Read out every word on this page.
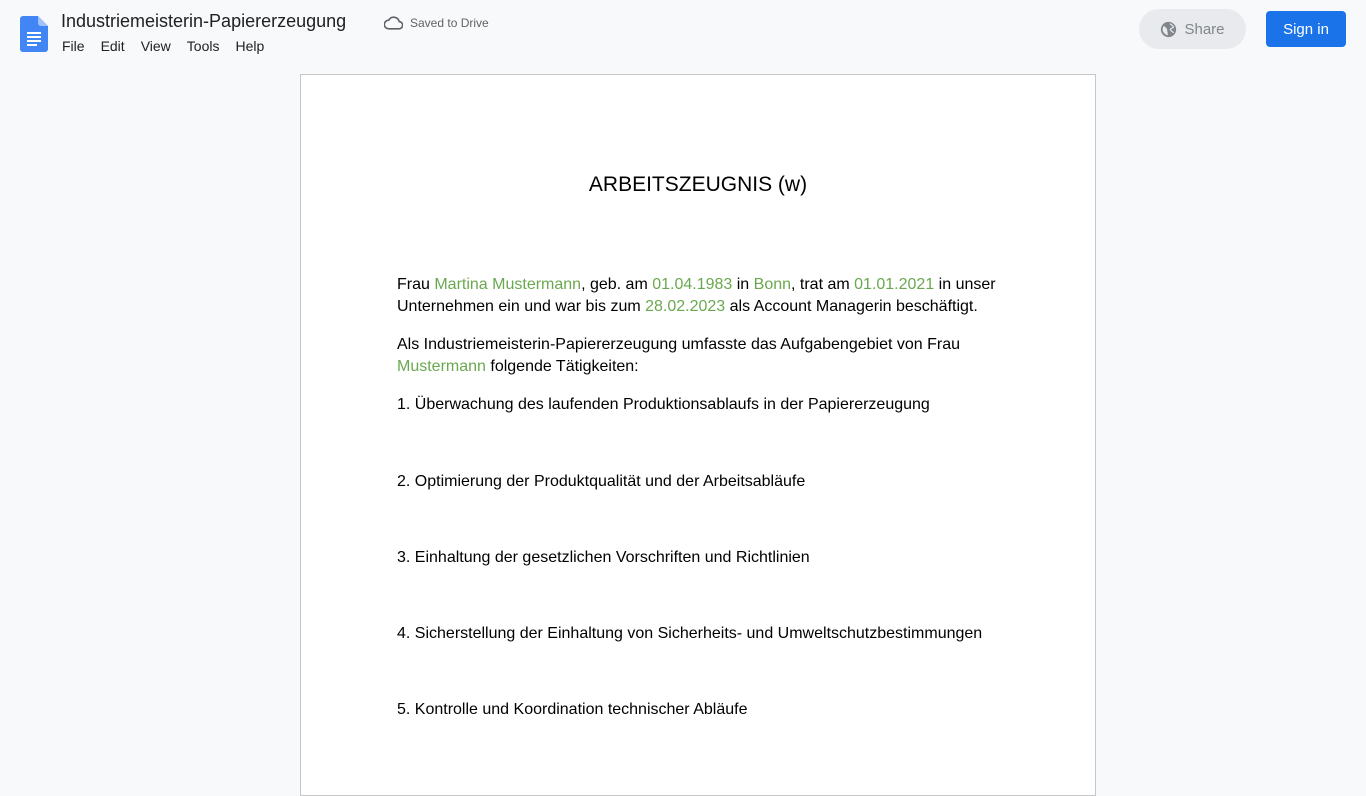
Industriemeisterin-Papiererzeugung	Saved to Drive
File	Edit	View	Tools	Help
Share	Sign in
ARBEITSZEUGNIS (w)
Frau Martina Mustermann, geb. am 01.04.1983 in Bonn, trat am 01.01.2021 in unser Unternehmen ein und war bis zum 28.02.2023 als Account Managerin beschäftigt.
Als Industriemeisterin-Papiererzeugung umfasste das Aufgabengebiet von Frau Mustermann folgende Tätigkeiten:
1. Überwachung des laufenden Produktionsablaufs in der Papiererzeugung
2. Optimierung der Produktqualität und der Arbeitsabläufe
3. Einhaltung der gesetzlichen Vorschriften und Richtlinien
4. Sicherstellung der Einhaltung von Sicherheits- und Umweltschutzbestimmungen
5. Kontrolle und Koordination technischer Abläufe
